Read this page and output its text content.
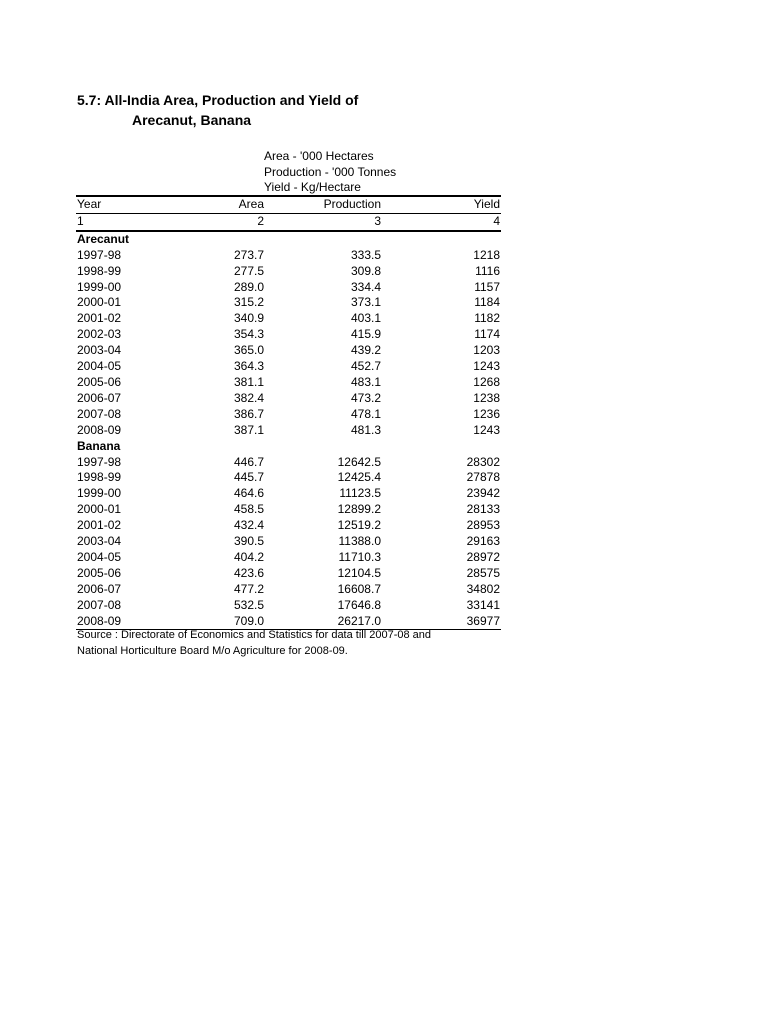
5.7: All-India Area, Production and Yield of
Arecanut, Banana
Area - '000 Hectares
Production - '000 Tonnes
Yield - Kg/Hectare
Year	Area	Production	Yield
1	2	3	4
Arecanut			
1997-98	273.7	333.5	1218
1998-99	277.5	309.8	1116
1999-00	289.0	334.4	1157
2000-01	315.2	373.1	1184
2001-02	340.9	403.1	1182
2002-03	354.3	415.9	1174
2003-04	365.0	439.2	1203
2004-05	364.3	452.7	1243
2005-06	381.1	483.1	1268
2006-07	382.4	473.2	1238
2007-08	386.7	478.1	1236
2008-09	387.1	481.3	1243
Banana			
1997-98	446.7	12642.5	28302
1998-99	445.7	12425.4	27878
1999-00	464.6	11123.5	23942
2000-01	458.5	12899.2	28133
2001-02	432.4	12519.2	28953
2003-04	390.5	11388.0	29163
2004-05	404.2	11710.3	28972
2005-06	423.6	12104.5	28575
2006-07	477.2	16608.7	34802
2007-08	532.5	17646.8	33141
2008-09	709.0	26217.0	36977
Source : Directorate of Economics and Statistics for data till 2007-08 and
National Horticulture Board M/o Agriculture for 2008-09.
